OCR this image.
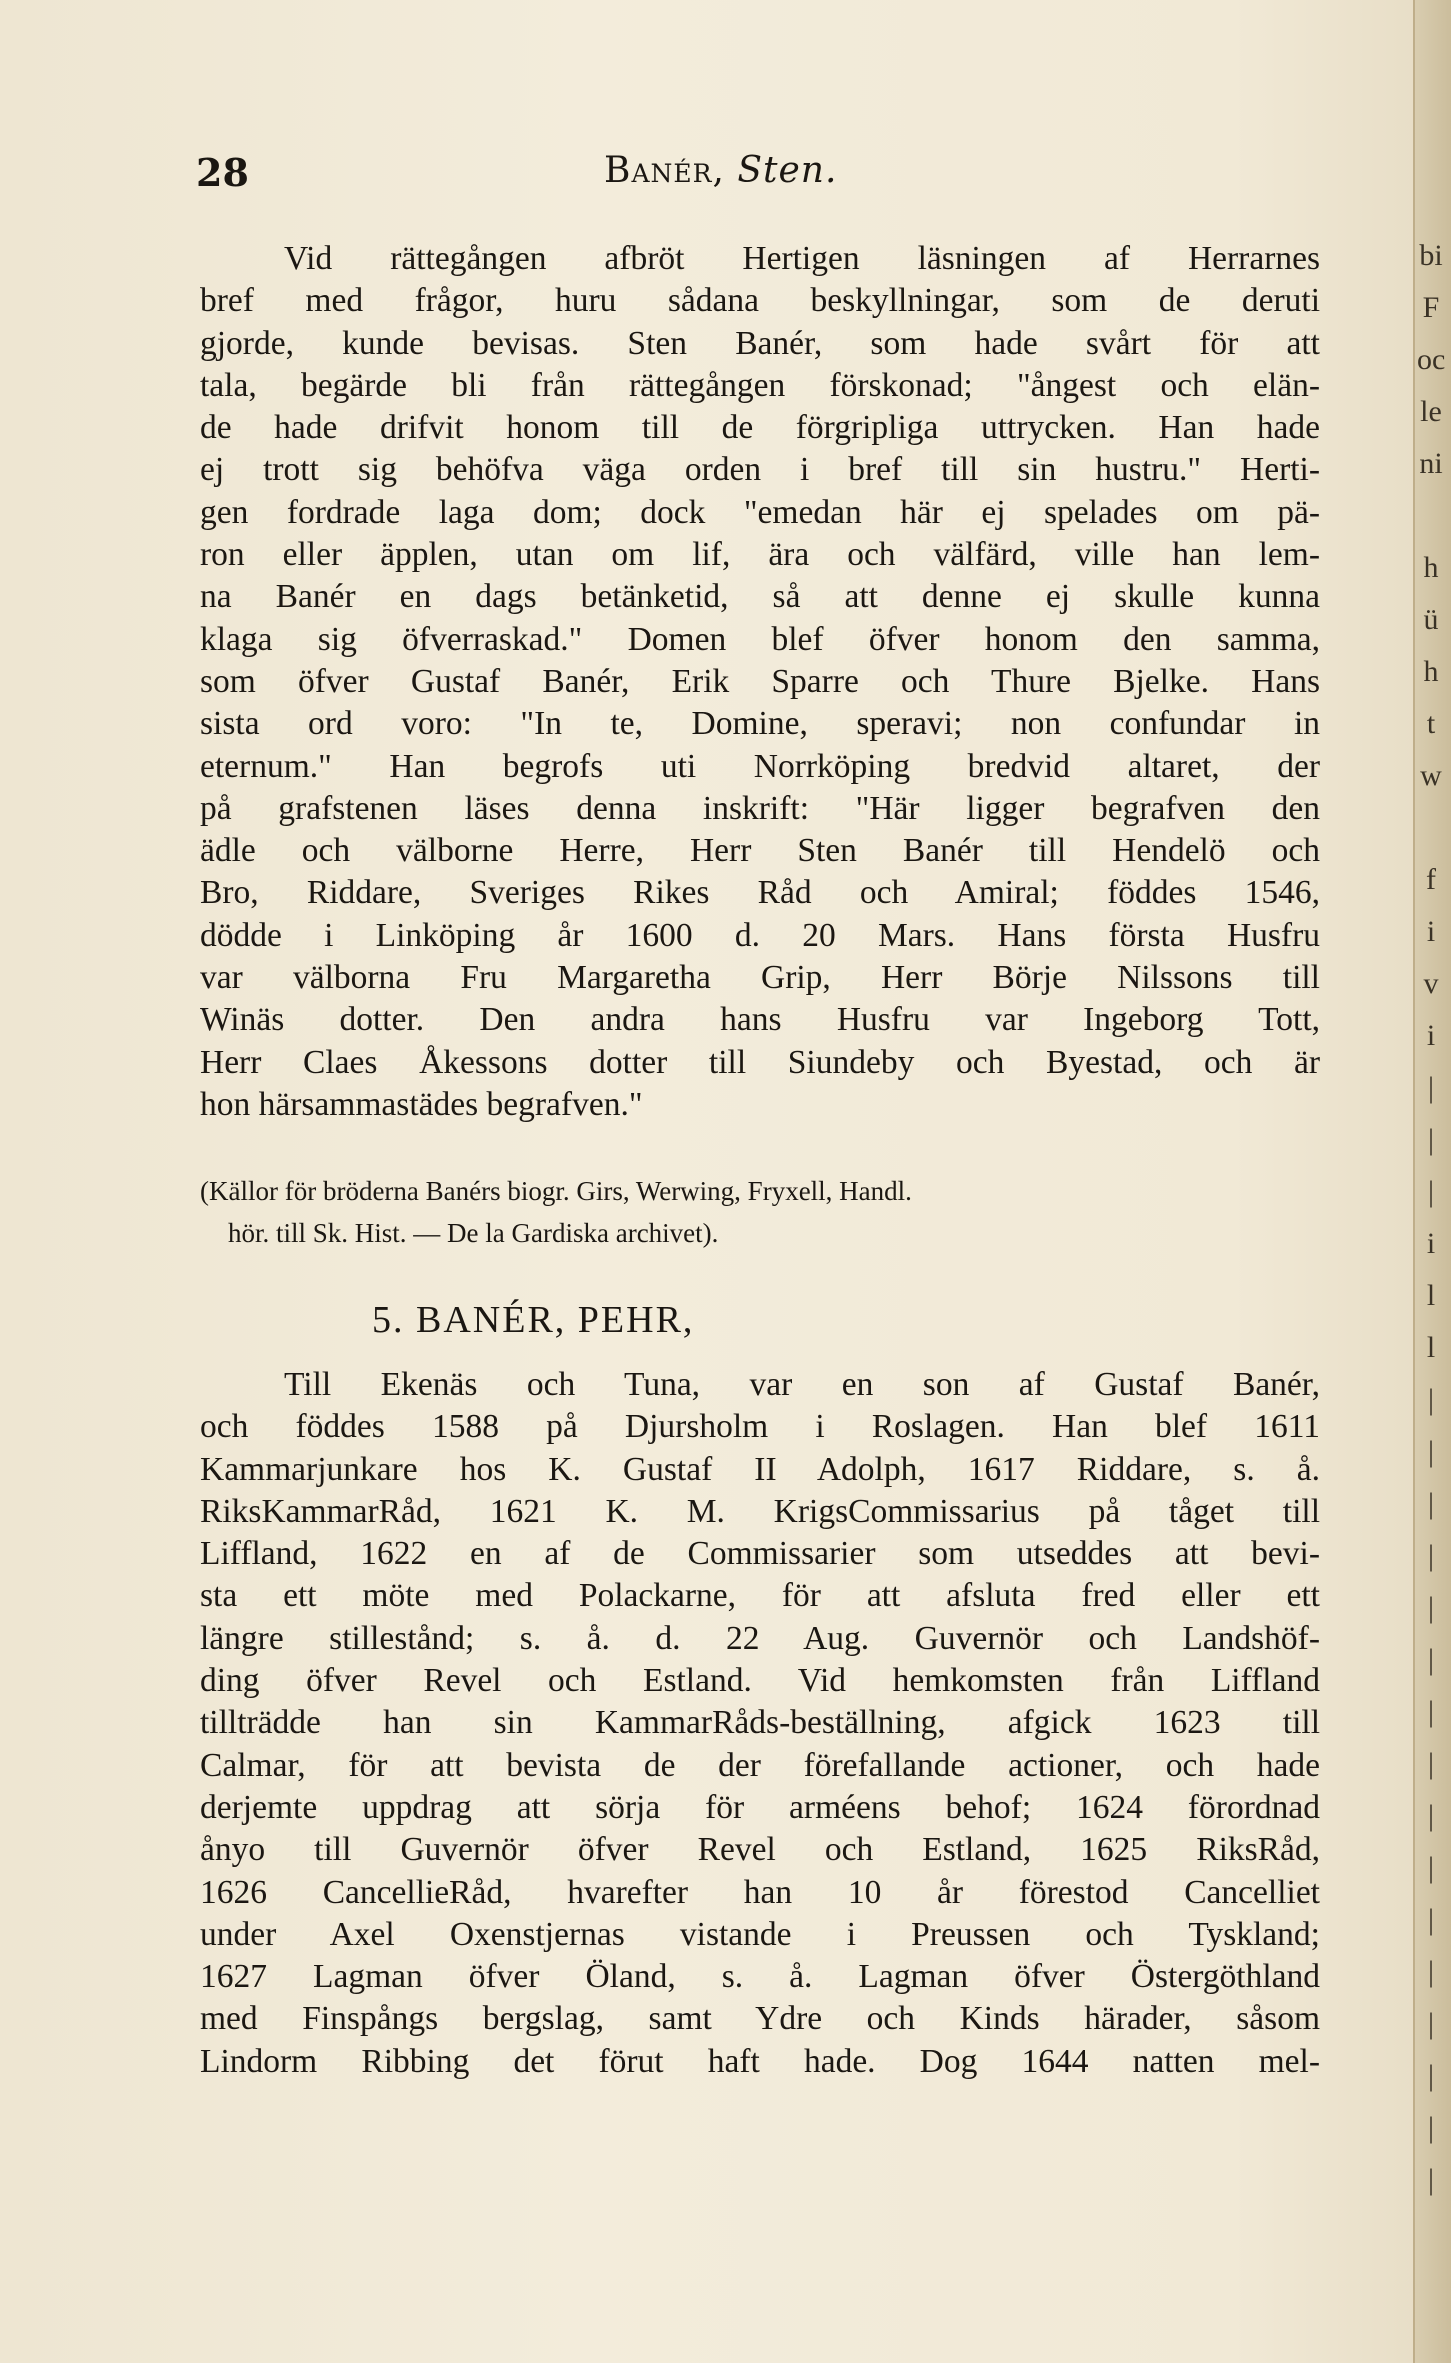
28	Banér, Sten.
Vid rättegången afbröt Hertigen läsningen af Herrarnes
bref med frågor, huru sådana beskyllningar, som de deruti
gjorde, kunde bevisas. Sten Banér, som hade svårt för att
tala, begärde bli från rättegången förskonad; "ångest och elän-
de hade drifvit honom till de förgripliga uttrycken. Han hade
ej trott sig behöfva väga orden i bref till sin hustru." Herti-
gen fordrade laga dom; dock "emedan här ej spelades om pä-
ron eller äpplen, utan om lif, ära och välfärd, ville han lem-
na Banér en dags betänketid, så att denne ej skulle kunna
klaga sig öfverraskad." Domen blef öfver honom den samma,
som öfver Gustaf Banér, Erik Sparre och Thure Bjelke. Hans
sista ord voro: "In te, Domine, speravi; non confundar in
eternum." Han begrofs uti Norrköping bredvid altaret, der
på grafstenen läses denna inskrift: "Här ligger begrafven den
ädle och välborne Herre, Herr Sten Banér till Hendelö och
Bro, Riddare, Sveriges Rikes Råd och Amiral; föddes 1546,
dödde i Linköping år 1600 d. 20 Mars. Hans första Husfru
var välborna Fru Margaretha Grip, Herr Börje Nilssons till
Winäs dotter. Den andra hans Husfru var Ingeborg Tott,
Herr Claes Åkessons dotter till Siundeby och Byestad, och är
hon härsammastädes begrafven."
(Källor för bröderna Banérs biogr. Girs, Werwing, Fryxell, Handl.
hör. till Sk. Hist. — De la Gardiska archivet).
5. BANÉR, PEHR,
Till Ekenäs och Tuna, var en son af Gustaf Banér,
och föddes 1588 på Djursholm i Roslagen. Han blef 1611
Kammarjunkare hos K. Gustaf II Adolph, 1617 Riddare, s. å.
RiksKammarRåd, 1621 K. M. KrigsCommissarius på tåget till
Liffland, 1622 en af de Commissarier som utseddes att bevi-
sta ett möte med Polackarne, för att afsluta fred eller ett
längre stillestånd; s. å. d. 22 Aug. Guvernör och Landshöf-
ding öfver Revel och Estland. Vid hemkomsten från Liffland
tillträdde han sin KammarRåds-beställning, afgick 1623 till
Calmar, för att bevista de der förefallande actioner, och hade
derjemte uppdrag att sörja för arméens behof; 1624 förordnad
ånyo till Guvernör öfver Revel och Estland, 1625 RiksRåd,
1626 CancellieRåd, hvarefter han 10 år förestod Cancelliet
under Axel Oxenstjernas vistande i Preussen och Tyskland;
1627 Lagman öfver Öland, s. å. Lagman öfver Östergöthland
med Finspångs bergslag, samt Ydre och Kinds härader, såsom
Lindorm Ribbing det förut haft hade. Dog 1644 natten mel-
bi
F
oc
le
ni

h
ü
h
t
w

f
i
v
i
|
|
|
i
l
l
|
|
|
|
|
|
|
|
|
|
|
|
|
|
|
|
